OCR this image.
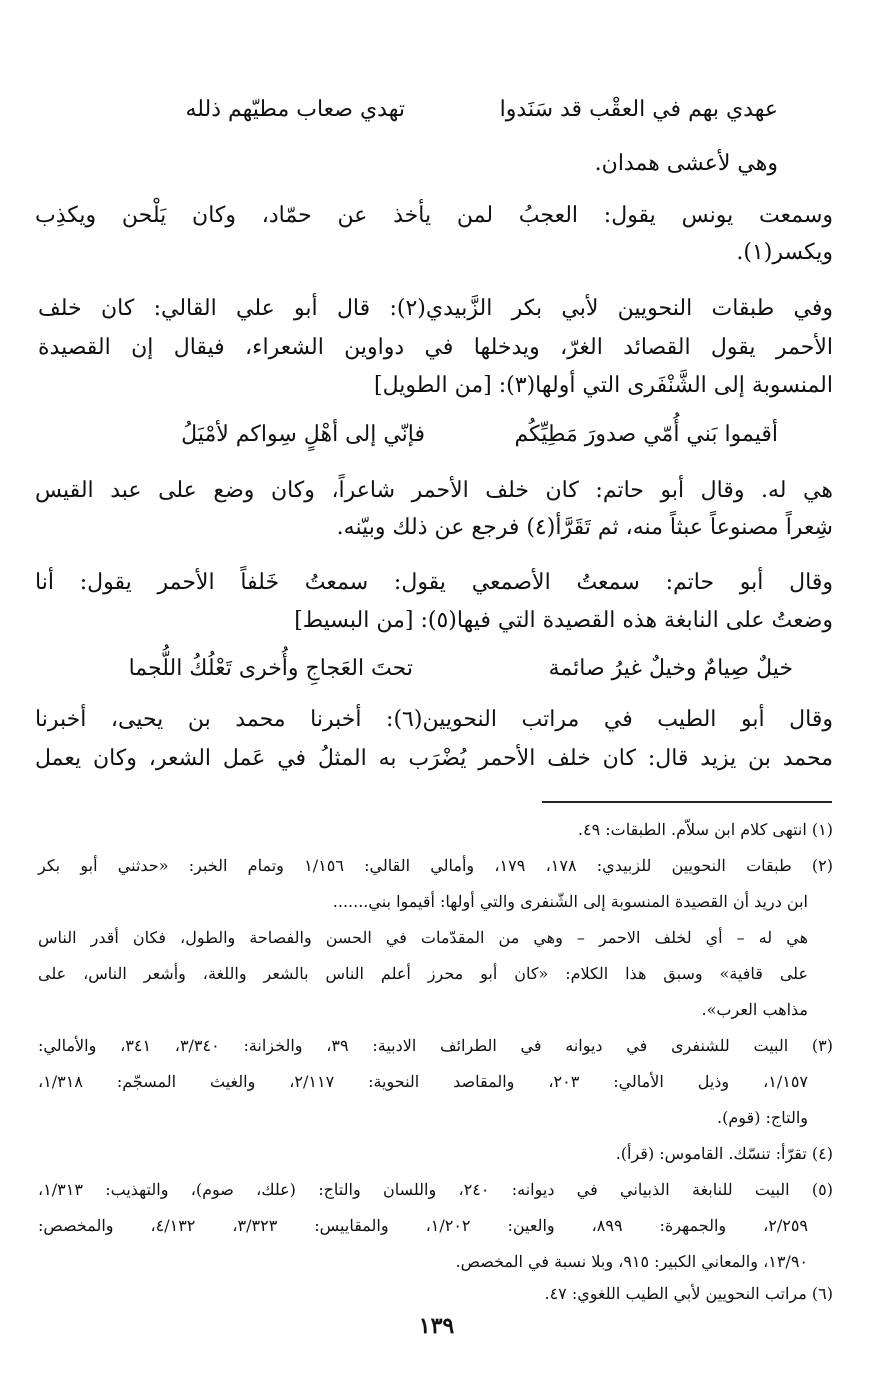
عهدي بهم في العقْب قد سَنَدوا
تهدي صعاب مطيّهم ذلله
وهي لأعشى همدان.
وسمعت يونس يقول: العجبُ لمن يأخذ عن حمّاد، وكان يَلْحن ويكذِب
ويكسر(١).
وفي طبقات النحويين لأبي بكر الزَّبيدي(٢): قال أبو علي القالي: كان خلف
الأحمر يقول القصائد الغرّ، ويدخلها في دواوين الشعراء، فيقال إن القصيدة
المنسوبة إلى الشَّنْفَرى التي أولها(٣): [من الطويل]
أقيموا بَني أُمّي صدورَ مَطِيِّكُم
فإنّي إلى أهْلٍ سِواكم لأمْيَلُ
هي له. وقال أبو حاتم: كان خلف الأحمر شاعراً، وكان وضع على عبد القيس
شِعراً مصنوعاً عبثاً منه، ثم تَقَرَّأ(٤) فرجع عن ذلك وبيّنه.
وقال أبو حاتم: سمعتُ الأصمعي يقول: سمعتُ خَلفاً الأحمر يقول: أنا
وضعتُ على النابغة هذه القصيدة التي فيها(٥): [من البسيط]
خيلٌ صِيامٌ وخيلٌ غيرُ صائمة
تحتَ العَجاجِ وأُخرى تَعْلُكُ اللُّجما
وقال أبو الطيب في مراتب النحويين(٦): أخبرنا محمد بن يحيى، أخبرنا
محمد بن يزيد قال: كان خلف الأحمر يُضْرَب به المثلُ في عَمل الشعر، وكان يعمل
(١) انتهى كلام ابن سلاّم. الطبقات: ٤٩.
(٢) طبقات النحويين للزبيدي: ١٧٨، ١٧٩، وأمالي القالي: ١/١٥٦ وتمام الخبر: «حدثني أبو بكر
ابن دريد أن القصيدة المنسوبة إلى الشّنفرى والتي أولها: أقيموا بني.......
هي له – أي لخلف الاحمر – وهي من المقدّمات في الحسن والفصاحة والطول، فكان أقدر الناس
على قافية» وسبق هذا الكلام: «كان أبو محرز أعلم الناس بالشعر واللغة، وأشعر الناس، على
مذاهب العرب».
(٣) البيت للشنفرى في ديوانه في الطرائف الادبية: ٣٩، والخزانة: ٣/٣٤٠، ٣٤١، والأمالي:
١/١٥٧، وذيل الأمالي: ٢٠٣، والمقاصد النحوية: ٢/١١٧، والغيث المسجّم: ١/٣١٨،
والتاج: (قوم).
(٤) تقرّأ: تنسّك. القاموس: (قرأ).
(٥) البيت للنابغة الذبياني في ديوانه: ٢٤٠، واللسان والتاج: (علك، صوم)، والتهذيب: ١/٣١٣،
٢/٢٥٩، والجمهرة: ٨٩٩، والعين: ١/٢٠٢، والمقاييس: ٣/٣٢٣، ٤/١٣٢، والمخصص:
١٣/٩٠، والمعاني الكبير: ٩١٥، وبلا نسبة في المخصص.
(٦) مراتب النحويين لأبي الطيب اللغوي: ٤٧.
١٣٩
